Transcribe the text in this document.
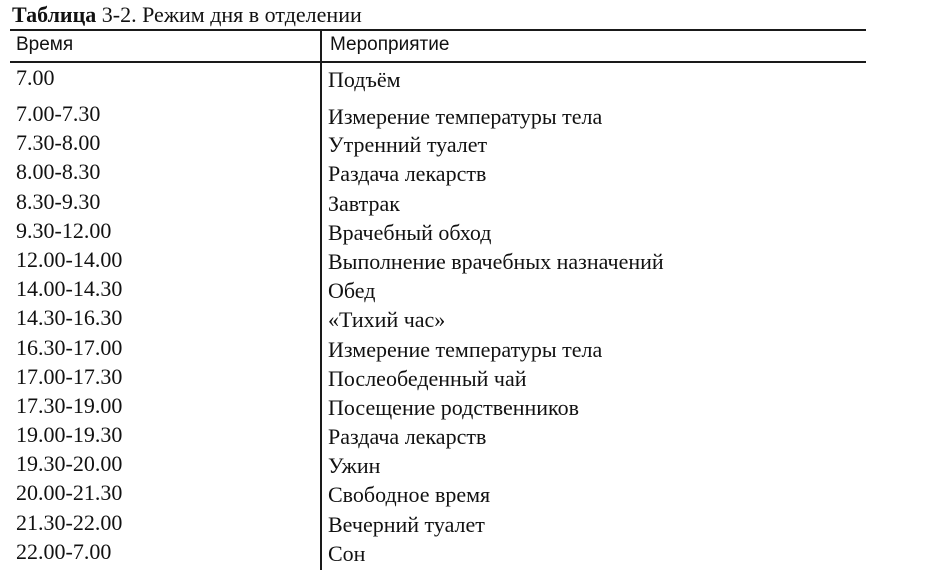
Таблица 3-2. Режим дня в отделении
Время	Мероприятие
7.00	Подъём
7.00-7.30	Измерение температуры тела
7.30-8.00	Утренний туалет
8.00-8.30	Раздача лекарств
8.30-9.30	Завтрак
9.30-12.00	Врачебный обход
12.00-14.00	Выполнение врачебных назначений
14.00-14.30	Обед
14.30-16.30	«Тихий час»
16.30-17.00	Измерение температуры тела
17.00-17.30	Послеобеденный чай
17.30-19.00	Посещение родственников
19.00-19.30	Раздача лекарств
19.30-20.00	Ужин
20.00-21.30	Свободное время
21.30-22.00	Вечерний туалет
22.00-7.00	Сон
